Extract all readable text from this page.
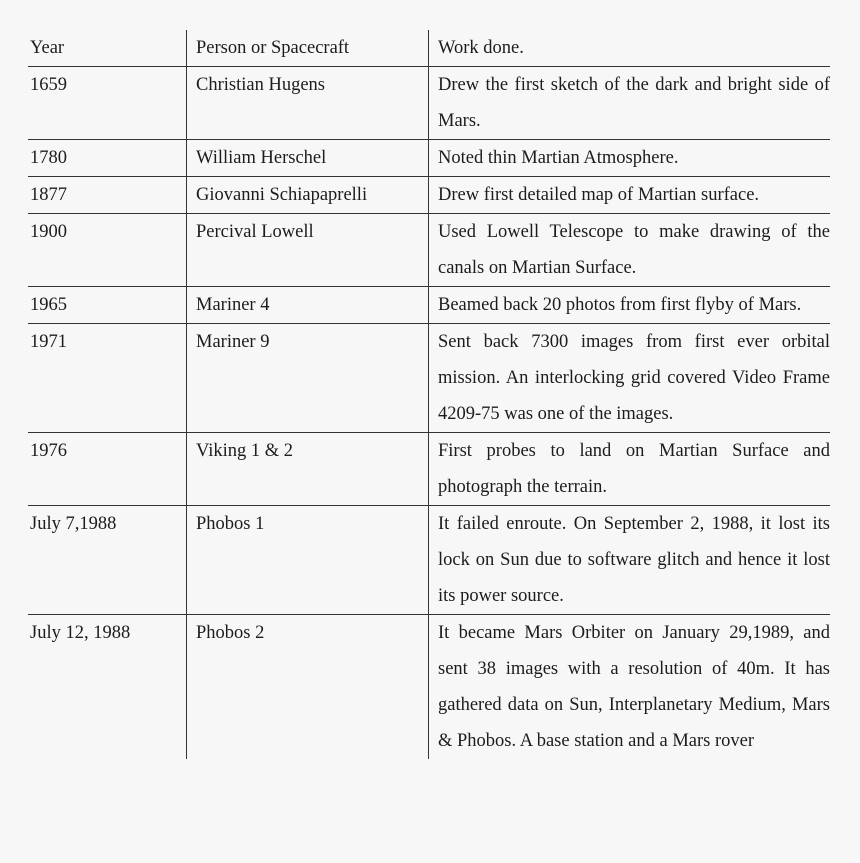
Year	Person or Spacecraft	Work done.
1659	Christian Hugens	Drew the first sketch of the dark and bright side of Mars.
1780	William Herschel	Noted thin Martian Atmosphere.
1877	Giovanni Schiapaprelli	Drew first detailed map of Martian surface.
1900	Percival Lowell	Used Lowell Telescope to make drawing of the canals on Martian Surface.
1965	Mariner 4	Beamed back 20 photos from first flyby of Mars.
1971	Mariner 9	Sent back 7300 images from first ever orbital mission. An interlocking grid covered Video Frame 4209-75 was one of the images.
1976	Viking 1 & 2	First probes to land on Martian Surface and photograph the terrain.
July 7,1988	Phobos 1	It failed enroute. On September 2, 1988, it lost its lock on Sun due to software glitch and hence it lost its power source.
July 12, 1988	Phobos 2	It became Mars Orbiter on January 29,1989, and sent 38 images with a resolution of 40m. It has gathered data on Sun, Interplanetary Medium, Mars & Phobos. A base station and a Mars rover
